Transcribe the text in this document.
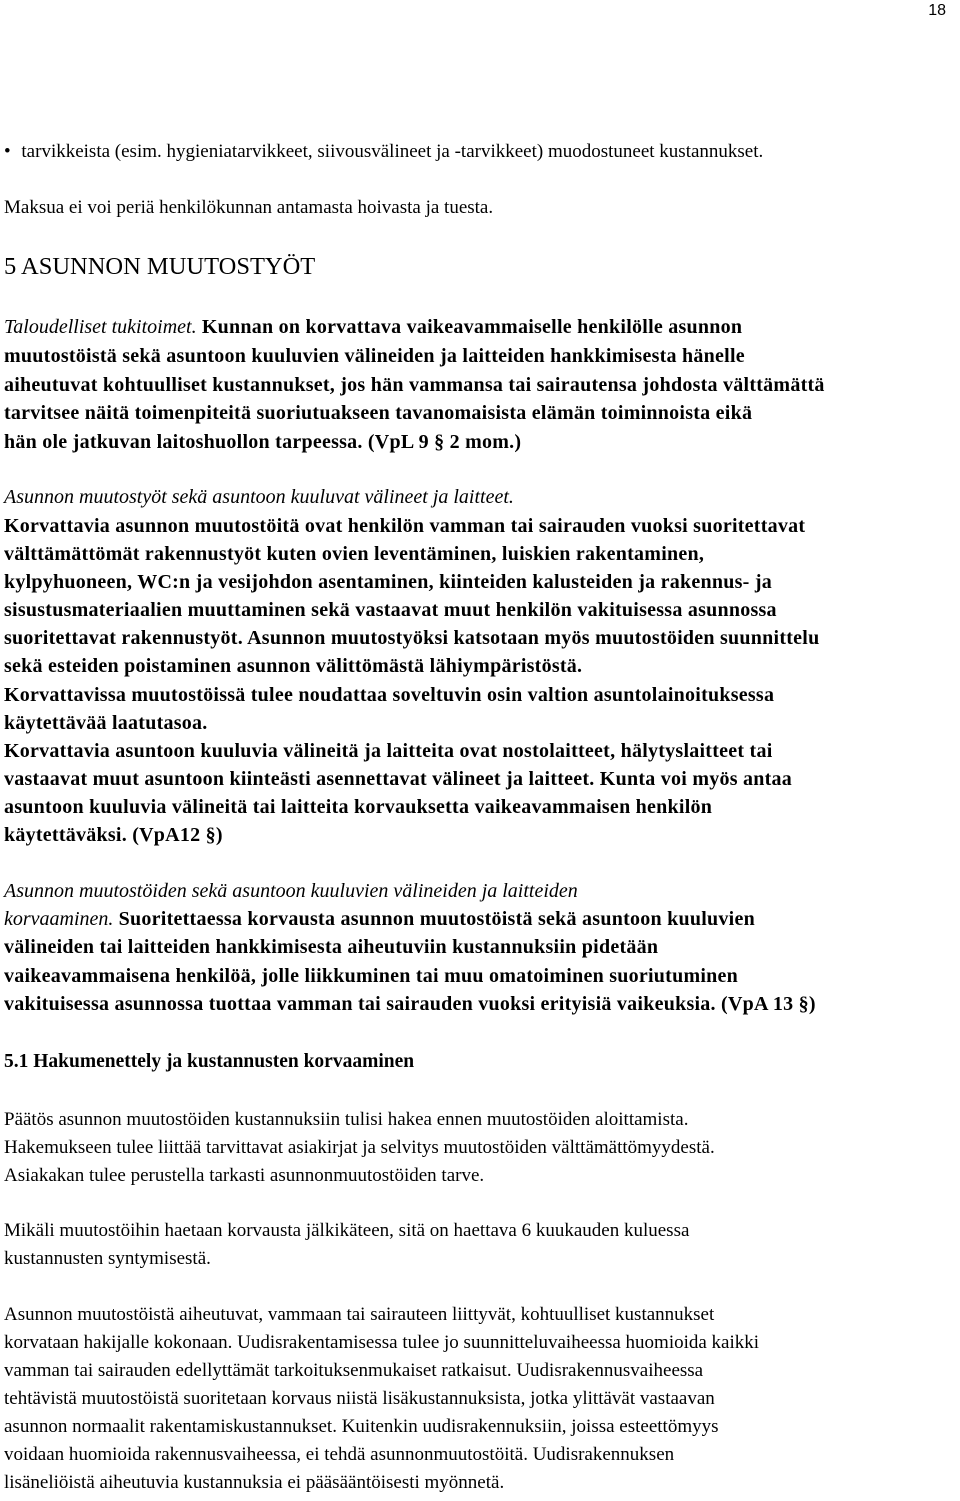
18
• tarvikkeista (esim. hygieniatarvikkeet, siivousvälineet ja -tarvikkeet) muodostuneet kustannukset.
Maksua ei voi periä henkilökunnan antamasta hoivasta ja tuesta.
5 ASUNNON MUUTOSTYÖT
Taloudelliset tukitoimet. Kunnan on korvattava vaikeavammaiselle henkilölle asunnon
muutostöistä sekä asuntoon kuuluvien välineiden ja laitteiden hankkimisesta hänelle
aiheutuvat kohtuulliset kustannukset, jos hän vammansa tai sairautensa johdosta välttämättä
tarvitsee näitä toimenpiteitä suoriutuakseen tavanomaisista elämän toiminnoista eikä
hän ole jatkuvan laitoshuollon tarpeessa. (VpL 9 § 2 mom.)
Asunnon muutostyöt sekä asuntoon kuuluvat välineet ja laitteet.
Korvattavia asunnon muutostöitä ovat henkilön vamman tai sairauden vuoksi suoritettavat
välttämättömät rakennustyöt kuten ovien leventäminen, luiskien rakentaminen,
kylpyhuoneen, WC:n ja vesijohdon asentaminen, kiinteiden kalusteiden ja rakennus- ja
sisustusmateriaalien muuttaminen sekä vastaavat muut henkilön vakituisessa asunnossa
suoritettavat rakennustyöt. Asunnon muutostyöksi katsotaan myös muutostöiden suunnittelu
sekä esteiden poistaminen asunnon välittömästä lähiympäristöstä.
Korvattavissa muutostöissä tulee noudattaa soveltuvin osin valtion asuntolainoituksessa
käytettävää laatutasoa.
Korvattavia asuntoon kuuluvia välineitä ja laitteita ovat nostolaitteet, hälytyslaitteet tai
vastaavat muut asuntoon kiinteästi asennettavat välineet ja laitteet. Kunta voi myös antaa
asuntoon kuuluvia välineitä tai laitteita korvauksetta vaikeavammaisen henkilön
käytettäväksi. (VpA12 §)
Asunnon muutostöiden sekä asuntoon kuuluvien välineiden ja laitteiden
korvaaminen. Suoritettaessa korvausta asunnon muutostöistä sekä asuntoon kuuluvien
välineiden tai laitteiden hankkimisesta aiheutuviin kustannuksiin pidetään
vaikeavammaisena henkilöä, jolle liikkuminen tai muu omatoiminen suoriutuminen
vakituisessa asunnossa tuottaa vamman tai sairauden vuoksi erityisiä vaikeuksia. (VpA 13 §)
5.1 Hakumenettely ja kustannusten korvaaminen
Päätös asunnon muutostöiden kustannuksiin tulisi hakea ennen muutostöiden aloittamista.
Hakemukseen tulee liittää tarvittavat asiakirjat ja selvitys muutostöiden välttämättömyydestä.
Asiakakan tulee perustella tarkasti asunnonmuutostöiden tarve.
Mikäli muutostöihin haetaan korvausta jälkikäteen, sitä on haettava 6 kuukauden kuluessa
kustannusten syntymisestä.
Asunnon muutostöistä aiheutuvat, vammaan tai sairauteen liittyvät, kohtuulliset kustannukset
korvataan hakijalle kokonaan. Uudisrakentamisessa tulee jo suunnitteluvaiheessa huomioida kaikki
vamman tai sairauden edellyttämät tarkoituksenmukaiset ratkaisut. Uudisrakennusvaiheessa
tehtävistä muutostöistä suoritetaan korvaus niistä lisäkustannuksista, jotka ylittävät vastaavan
asunnon normaalit rakentamiskustannukset. Kuitenkin uudisrakennuksiin, joissa esteettömyys
voidaan huomioida rakennusvaiheessa, ei tehdä asunnonmuutostöitä. Uudisrakennuksen
lisäneliöistä aiheutuvia kustannuksia ei pääsääntöisesti myönnetä.
